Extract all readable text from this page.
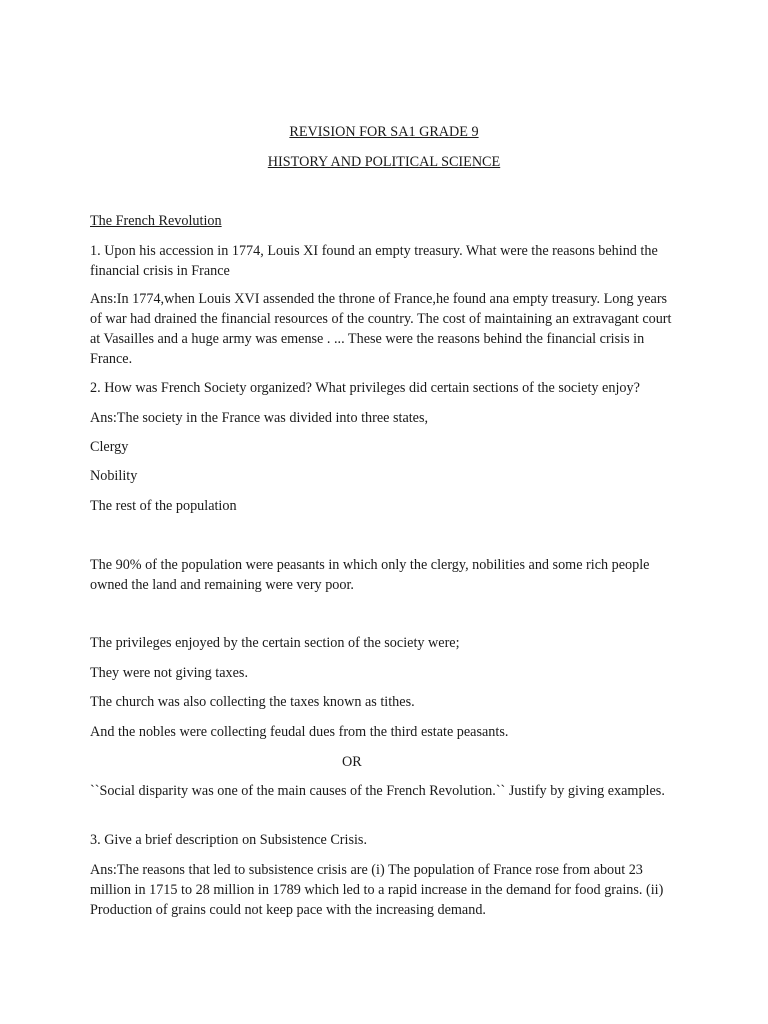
REVISION FOR SA1 GRADE 9

HISTORY AND POLITICAL SCIENCE

The French Revolution

1. Upon his accession in 1774, Louis XI found an empty treasury. What were the reasons behind the financial crisis in France

Ans:In 1774,when Louis XVI assended the throne of France,he found ana empty treasury. Long years of war had drained the financial resources of the country. The cost of maintaining an extravagant court at Vasailles and a huge army was emense . ... These were the reasons behind the financial crisis in France.

2. How was French Society organized? What privileges did certain sections of the society enjoy?

Ans:The society in the France was divided into three states,

Clergy

Nobility

The rest of the population

The 90% of the population were peasants in which only the clergy, nobilities and some rich people owned the land and remaining were very poor.

The privileges enjoyed by the certain section of the society were;

They were not giving taxes.

The church was also collecting the taxes known as tithes.

And the nobles were collecting feudal dues from the third estate peasants.

OR

``Social disparity was one of the main causes of the French Revolution.`` Justify by giving examples.

3. Give a brief description on Subsistence Crisis.

Ans:The reasons that led to subsistence crisis are (i) The population of France rose from about 23 million in 1715 to 28 million in 1789 which led to a rapid increase in the demand for food grains. (ii) Production of grains could not keep pace with the increasing demand.
